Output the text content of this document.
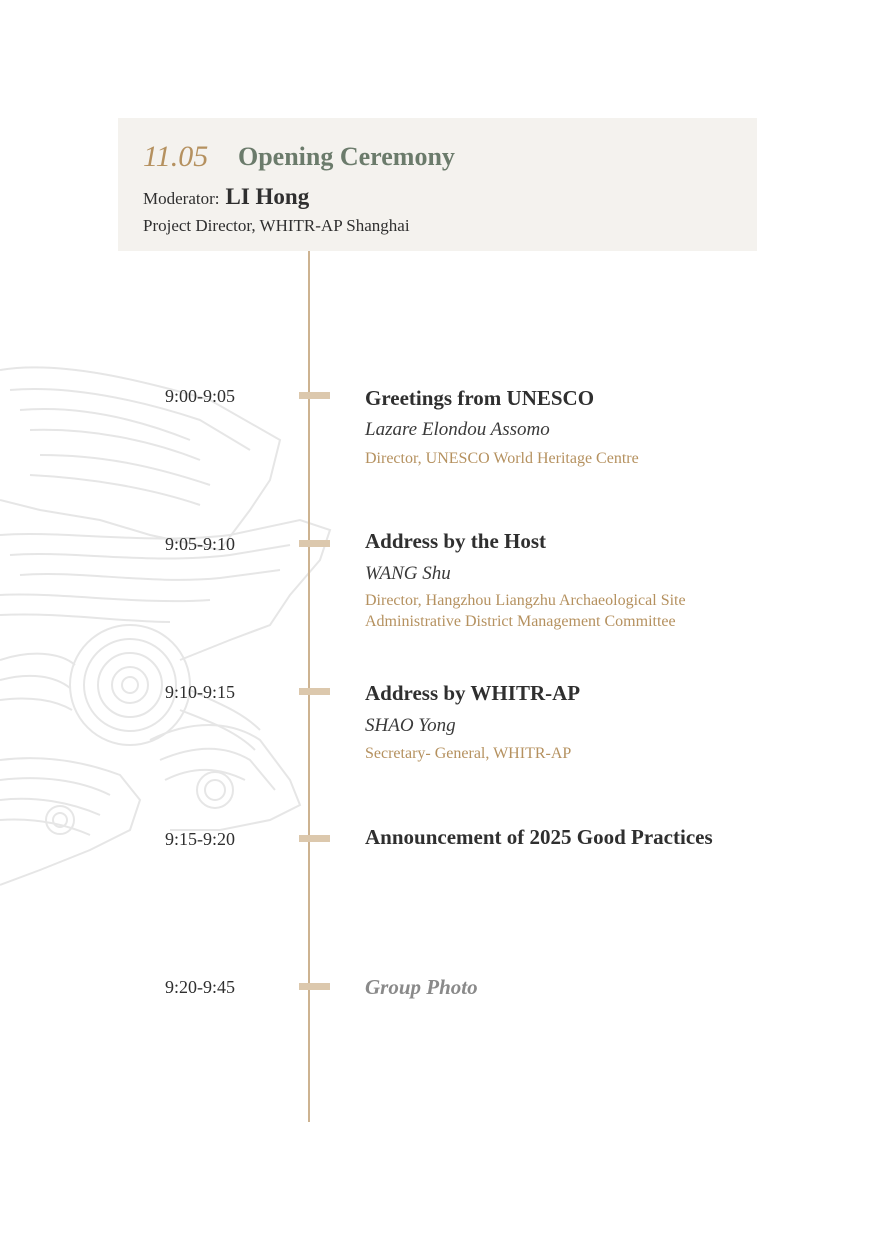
11.05 Opening Ceremony
Moderator: LI Hong
Project Director, WHITR-AP Shanghai
9:00-9:05	Greetings from UNESCO
Lazare Elondou Assomo
Director, UNESCO World Heritage Centre
9:05-9:10	Address by the Host
WANG Shu
Director, Hangzhou Liangzhu Archaeological Site
Administrative District Management Committee
9:10-9:15	Address by WHITR-AP
SHAO Yong
Secretary- General, WHITR-AP
9:15-9:20	Announcement of 2025 Good Practices
9:20-9:45	Group Photo
